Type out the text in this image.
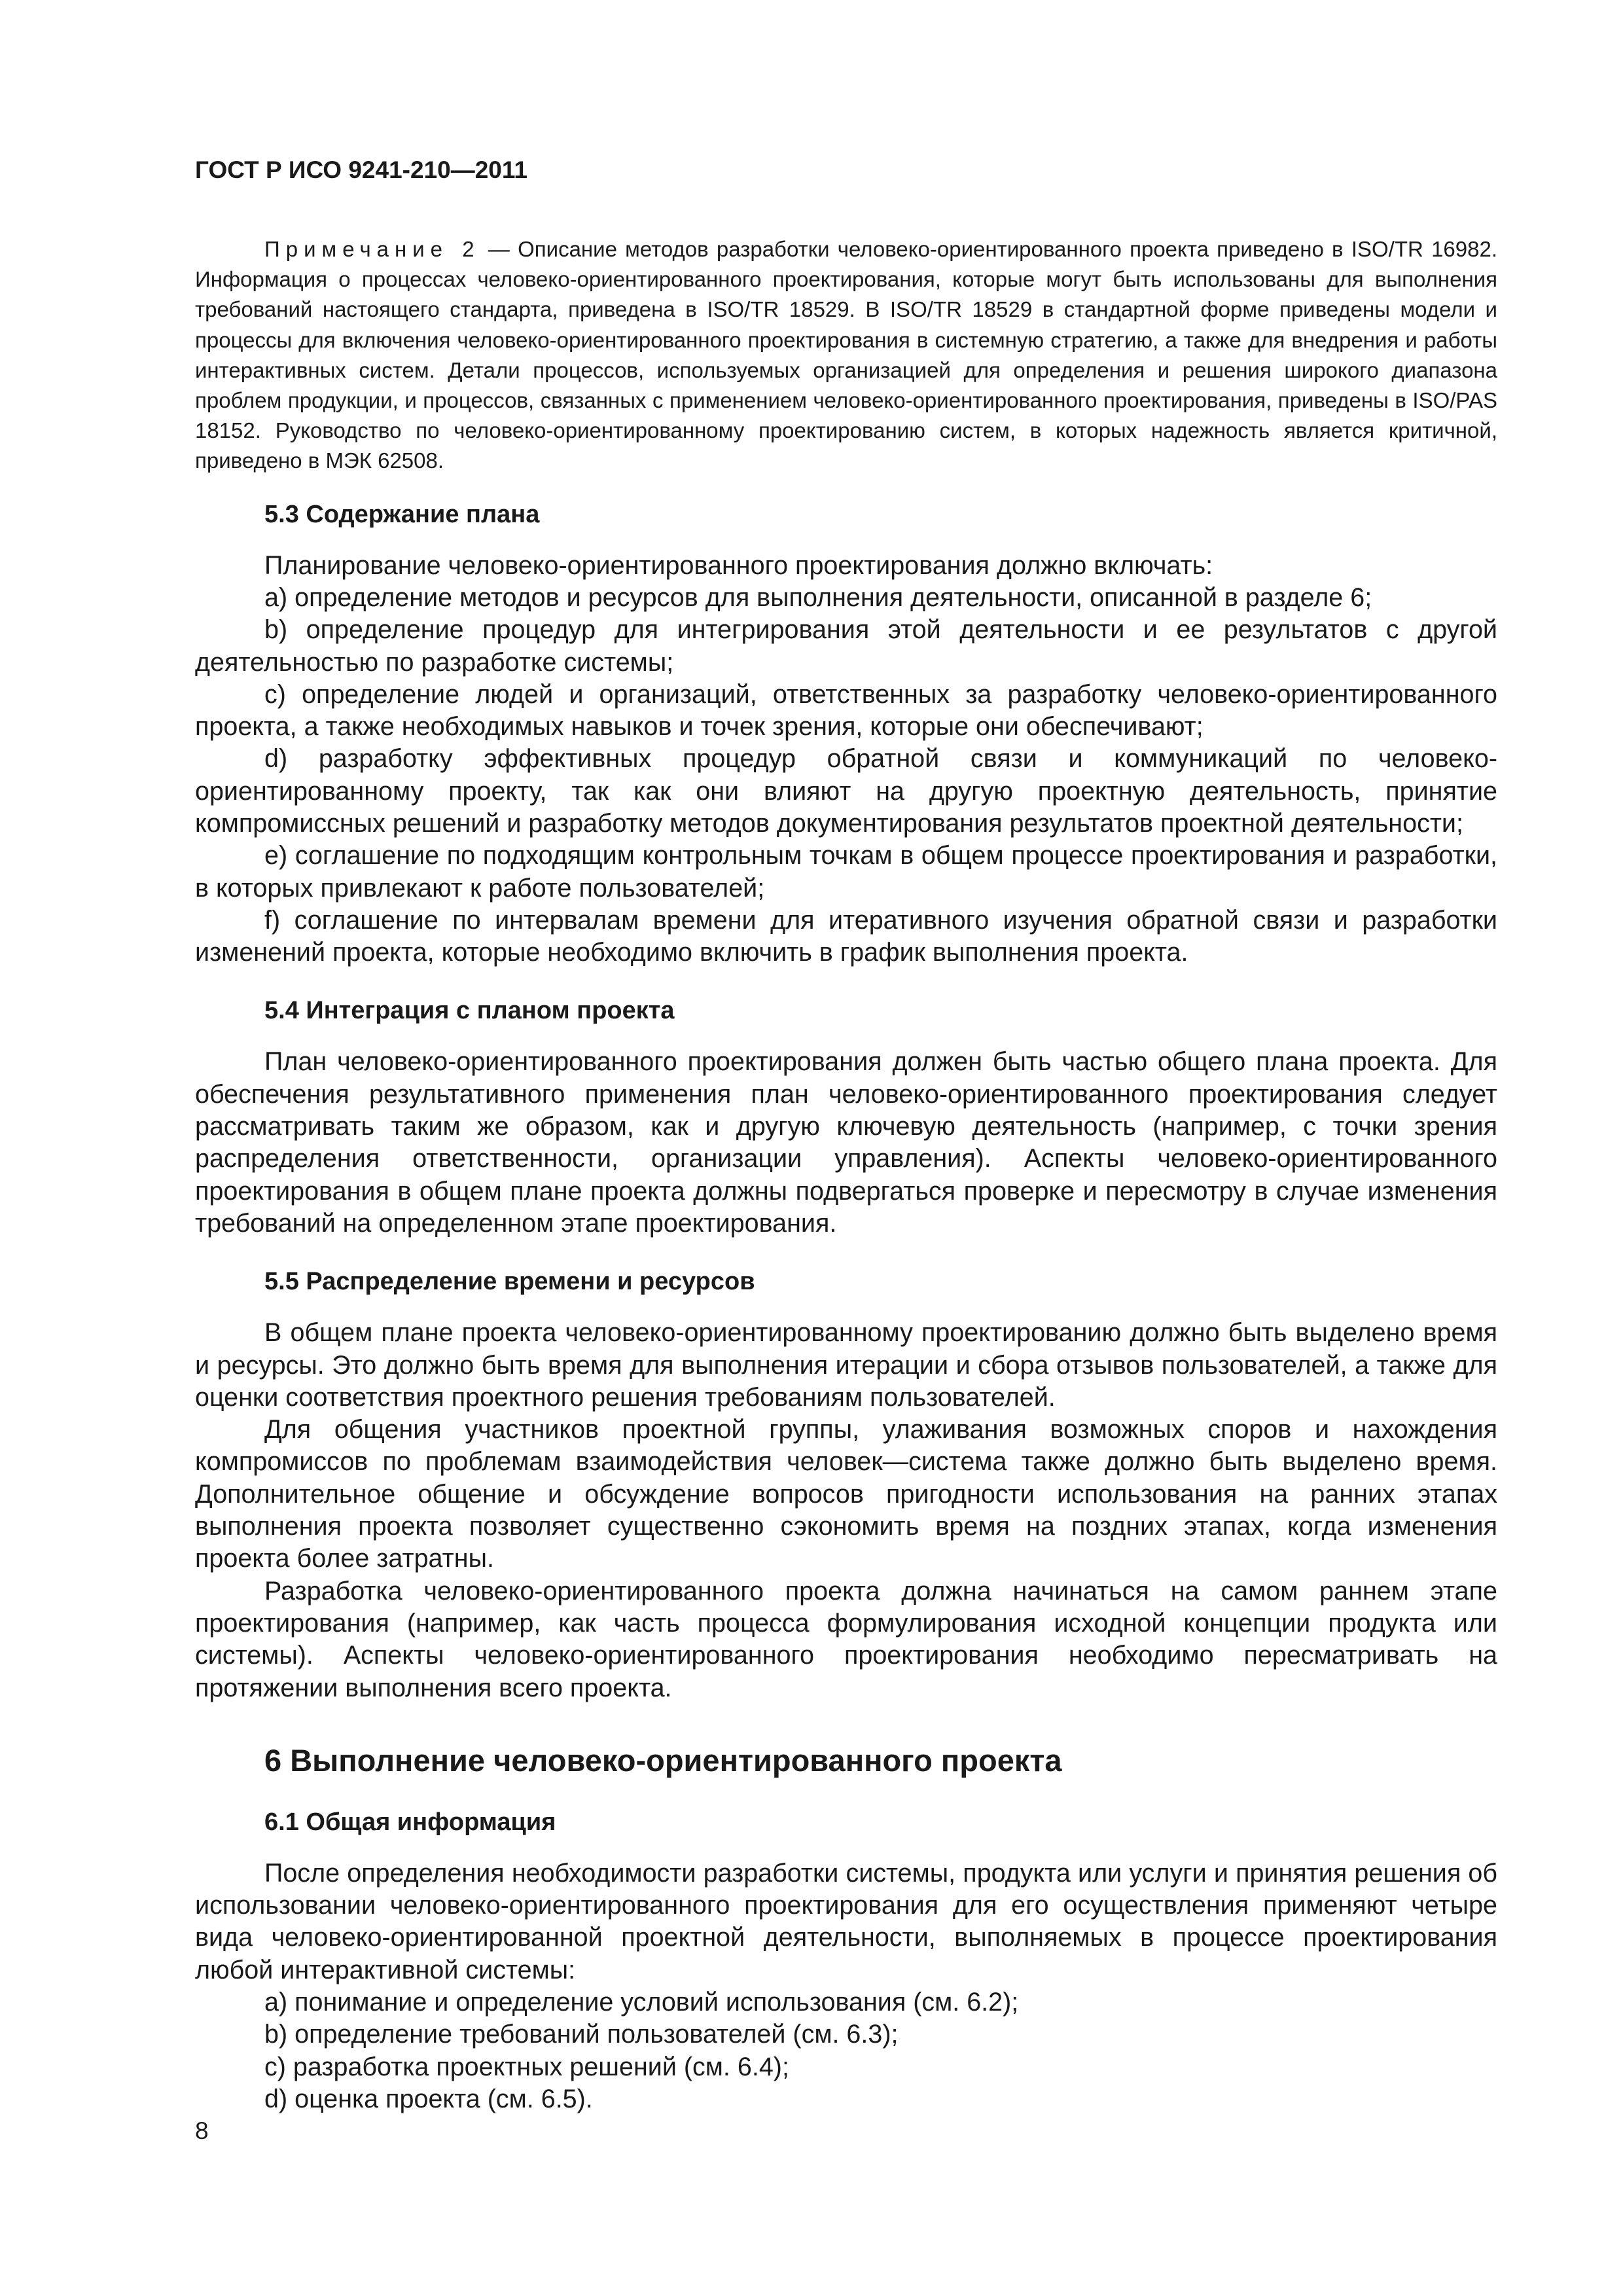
ГОСТ Р ИСО 9241-210—2011

Примечание 2 — Описание методов разработки человеко-ориентированного проекта приведено в ISO/TR 16982. Информация о процессах человеко-ориентированного проектирования, которые могут быть использованы для выполнения требований настоящего стандарта, приведена в ISO/TR 18529. В ISO/TR 18529 в стандартной форме приведены модели и процессы для включения человеко-ориентированного проектирования в системную стратегию, а также для внедрения и работы интерактивных систем. Детали процессов, используемых организацией для определения и решения широкого диапазона проблем продукции, и процессов, связанных с применением человеко-ориентированного проектирования, приведены в ISO/PAS 18152. Руководство по человеко-ориентированному проектированию систем, в которых надежность является критичной, приведено в МЭК 62508.

5.3 Содержание плана

Планирование человеко-ориентированного проектирования должно включать:

a) определение методов и ресурсов для выполнения деятельности, описанной в разделе 6;

b) определение процедур для интегрирования этой деятельности и ее результатов с другой деятельностью по разработке системы;

c) определение людей и организаций, ответственных за разработку человеко-ориентированного проекта, а также необходимых навыков и точек зрения, которые они обеспечивают;

d) разработку эффективных процедур обратной связи и коммуникаций по человеко-ориентированному проекту, так как они влияют на другую проектную деятельность, принятие компромиссных решений и разработку методов документирования результатов проектной деятельности;

e) соглашение по подходящим контрольным точкам в общем процессе проектирования и разработки, в которых привлекают к работе пользователей;

f) соглашение по интервалам времени для итеративного изучения обратной связи и разработки изменений проекта, которые необходимо включить в график выполнения проекта.

5.4 Интеграция с планом проекта

План человеко-ориентированного проектирования должен быть частью общего плана проекта. Для обеспечения результативного применения план человеко-ориентированного проектирования следует рассматривать таким же образом, как и другую ключевую деятельность (например, с точки зрения распределения ответственности, организации управления). Аспекты человеко-ориентированного проектирования в общем плане проекта должны подвергаться проверке и пересмотру в случае изменения требований на определенном этапе проектирования.

5.5 Распределение времени и ресурсов

В общем плане проекта человеко-ориентированному проектированию должно быть выделено время и ресурсы. Это должно быть время для выполнения итерации и сбора отзывов пользователей, а также для оценки соответствия проектного решения требованиям пользователей.

Для общения участников проектной группы, улаживания возможных споров и нахождения компромиссов по проблемам взаимодействия человек—система также должно быть выделено время. Дополнительное общение и обсуждение вопросов пригодности использования на ранних этапах выполнения проекта позволяет существенно сэкономить время на поздних этапах, когда изменения проекта более затратны.

Разработка человеко-ориентированного проекта должна начинаться на самом раннем этапе проектирования (например, как часть процесса формулирования исходной концепции продукта или системы). Аспекты человеко-ориентированного проектирования необходимо пересматривать на протяжении выполнения всего проекта.

6 Выполнение человеко-ориентированного проекта
6.1 Общая информация

После определения необходимости разработки системы, продукта или услуги и принятия решения об использовании человеко-ориентированного проектирования для его осуществления применяют четыре вида человеко-ориентированной проектной деятельности, выполняемых в процессе проектирования любой интерактивной системы:

a) понимание и определение условий использования (см. 6.2);

b) определение требований пользователей (см. 6.3);

c) разработка проектных решений (см. 6.4);

d) оценка проекта (см. 6.5).

8
